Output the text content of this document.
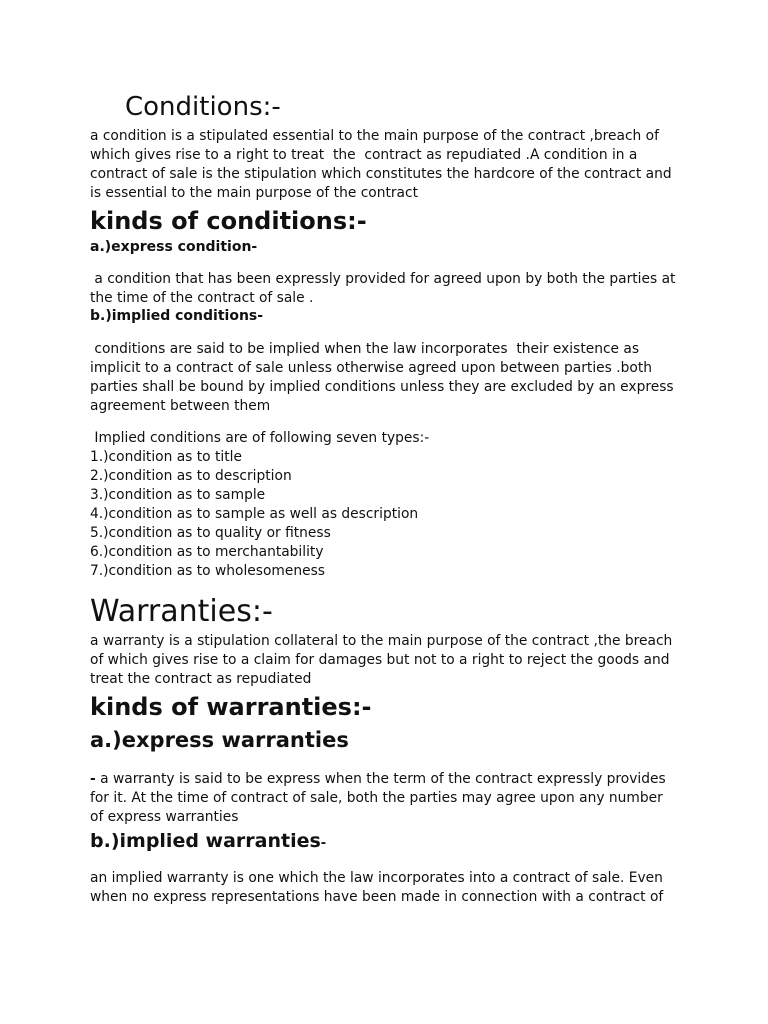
Conditions:-
a condition is a stipulated essential to the main purpose of the contract ,breach of
which gives rise to a right to treat  the  contract as repudiated .A condition in a
contract of sale is the stipulation which constitutes the hardcore of the contract and
is essential to the main purpose of the contract
kinds of conditions:-
a.)express condition-
a condition that has been expressly provided for agreed upon by both the parties at
the time of the contract of sale .
b.)implied conditions-
conditions are said to be implied when the law incorporates  their existence as
implicit to a contract of sale unless otherwise agreed upon between parties .both
parties shall be bound by implied conditions unless they are excluded by an express
agreement between them
Implied conditions are of following seven types:-
1.)condition as to title
2.)condition as to description
3.)condition as to sample
4.)condition as to sample as well as description
5.)condition as to quality or fitness
6.)condition as to merchantability
7.)condition as to wholesomeness
Warranties:-
a warranty is a stipulation collateral to the main purpose of the contract ,the breach
of which gives rise to a claim for damages but not to a right to reject the goods and
treat the contract as repudiated
kinds of warranties:-
a.)express warranties
- a warranty is said to be express when the term of the contract expressly provides
for it. At the time of contract of sale, both the parties may agree upon any number
of express warranties
b.)implied warranties-
an implied warranty is one which the law incorporates into a contract of sale. Even
when no express representations have been made in connection with a contract of
